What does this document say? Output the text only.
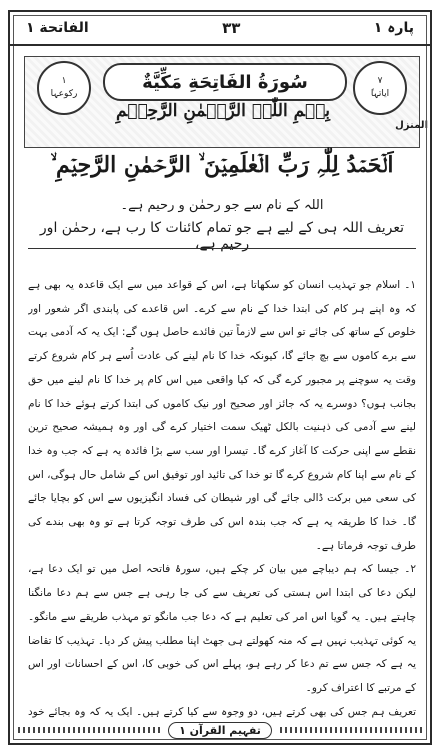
پارہ ۱
۳۳
الفاتحة ۱
۷
ٰایاتہا
سُورَةُ الفَاتِحَةِ مَكِّيَّةٌ
۱
رکوعہا
بِسۡمِ اللّٰہِ الرَّحۡمٰنِ الرَّحِیۡمِ
المنزل
اَلۡحَمۡدُ لِلّٰہِ رَبِّ الۡعٰلَمِیۡنَ ۙ الرَّحۡمٰنِ الرَّحِیۡمِ ۙ
اللہ کے نام سے جو رحمٰن و رحیم ہے۔
تعریف اللہ ہی کے لیے ہے جو تمام کائنات کا رب ہے، رحمٰن اور رحیم ہے،

۱۔ اسلام جو تہذیب انسان کو سکھاتا ہے، اس کے قواعد میں سے ایک قاعدہ یہ بھی ہے کہ وہ اپنے ہر کام کی ابتدا خدا کے نام سے کرے۔ اس قاعدے کی پابندی اگر شعور اور خلوص کے ساتھ کی جائے تو اس سے لازماً تین فائدے حاصل ہوں گے: ایک یہ کہ آدمی بہت سے برے کاموں سے بچ جائے گا، کیونکہ خدا کا نام لینے کی عادت اُسے ہر کام شروع کرتے وقت یہ سوچنے پر مجبور کرے گی کہ کیا واقعی میں اس کام پر خدا کا نام لینے میں حق بجانب ہوں؟ دوسرے یہ کہ جائز اور صحیح اور نیک کاموں کی ابتدا کرتے ہوئے خدا کا نام لینے سے آدمی کی ذہنیت بالکل ٹھیک سمت اختیار کرے گی اور وہ ہمیشہ صحیح ترین نقطے سے اپنی حرکت کا آغاز کرے گا۔ تیسرا اور سب سے بڑا فائدہ یہ ہے کہ جب وہ خدا کے نام سے اپنا کام شروع کرے گا تو خدا کی تائید اور توفیق اس کے شامل حال ہوگی، اس کی سعی میں برکت ڈالی جائے گی اور شیطان کی فساد انگیزیوں سے اس کو بچایا جائے گا۔ خدا کا طریقہ یہ ہے کہ جب بندہ اس کی طرف توجہ کرتا ہے تو وہ بھی بندے کی طرف توجہ فرماتا ہے۔

۲۔ جیسا کہ ہم دیباچے میں بیان کر چکے ہیں، سورۂ فاتحہ اصل میں تو ایک دعا ہے، لیکن دعا کی ابتدا اس ہستی کی تعریف سے کی جا رہی ہے جس سے ہم دعا مانگنا چاہتے ہیں۔ یہ گویا اس امر کی تعلیم ہے کہ دعا جب مانگو تو مہذب طریقے سے مانگو۔ یہ کوئی تہذیب نہیں ہے کہ منہ کھولتے ہی جھٹ اپنا مطلب پیش کر دیا۔ تہذیب کا تقاضا یہ ہے کہ جس سے تم دعا کر رہے ہو، پہلے اس کی خوبی کا، اس کے احسانات اور اس کے مرتبے کا اعتراف کرو۔

تعریف ہم جس کی بھی کرتے ہیں، دو وجوہ سے کیا کرتے ہیں۔ ایک یہ کہ وہ بجائے خود

تفہیم القرآن ۱
